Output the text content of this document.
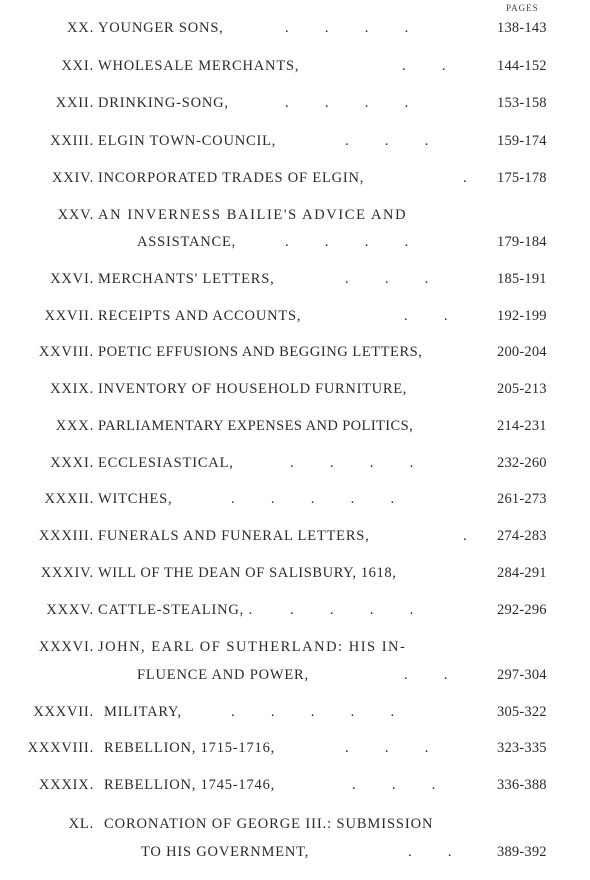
PAGES
XX. YOUNGER SONS,	.          .          .          .	138-143
XXI. WHOLESALE MERCHANTS,	.          .	144-152
XXII. DRINKING-SONG,	.          .          .          .	153-158
XXIII. ELGIN TOWN-COUNCIL,	.          .          .	159-174
XXIV. INCORPORATED TRADES OF ELGIN,	. 175-178
XXV. AN INVERNESS BAILIE'S ADVICE AND
ASSISTANCE,	.          .          .          .	179-184
XXVI. MERCHANTS' LETTERS,	.          .          .	185-191
XXVII. RECEIPTS AND ACCOUNTS,	.          .	192-199
XXVIII. POETIC EFFUSIONS AND BEGGING LETTERS,	200-204
XXIX. INVENTORY OF HOUSEHOLD FURNITURE,	205-213
XXX. PARLIAMENTARY EXPENSES AND POLITICS,	214-231
XXXI. ECCLESIASTICAL,	.          .          .          .	232-260
XXXII. WITCHES,	.          .          .          .          .	261-273
XXXIII. FUNERALS AND FUNERAL LETTERS,	. 274-283
XXXIV. WILL OF THE DEAN OF SALISBURY, 1618,	284-291
XXXV. CATTLE-STEALING, .	.          .          .          .	292-296
XXXVI. JOHN, EARL OF SUTHERLAND: HIS IN-
FLUENCE AND POWER,	.          .	297-304
XXXVII. MILITARY,	.          .          .          .          .	305-322
XXXVIII. REBELLION, 1715-1716,	.          .          .	323-335
XXXIX. REBELLION, 1745-1746,	.          .          .	336-388
XL. CORONATION OF GEORGE III.: SUBMISSION
TO HIS GOVERNMENT,	.          .	389-392
